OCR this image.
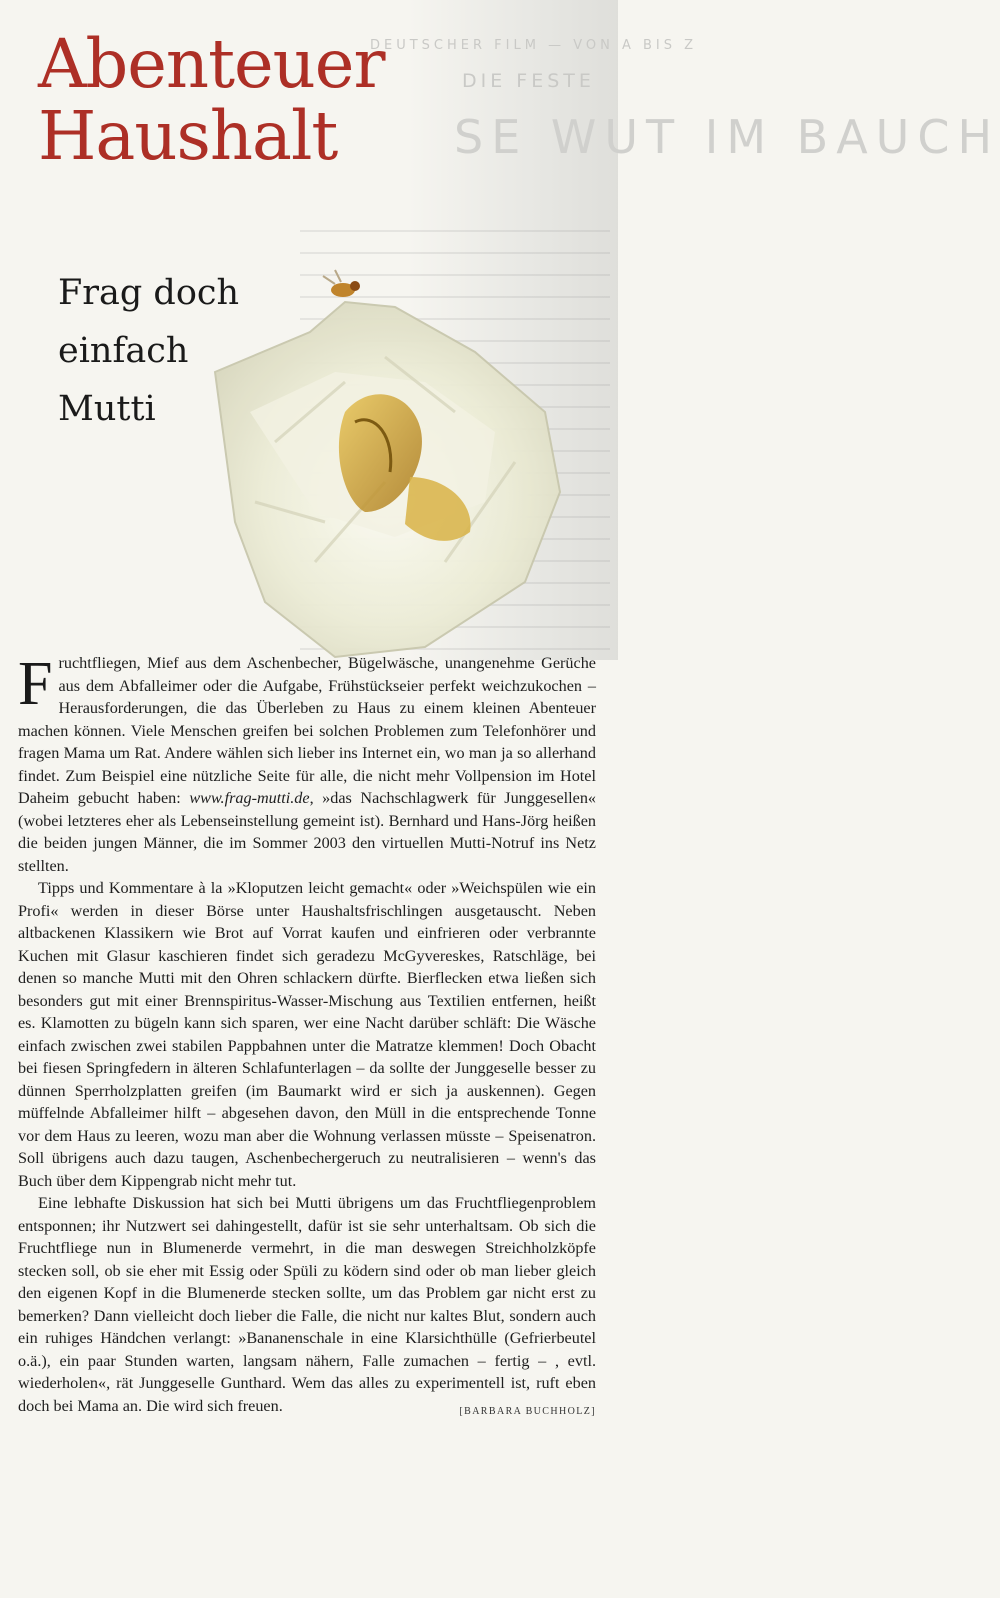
DEUTSCHER FILM — VON A BIS Z
DIE FESTE
SE WUT IM BAUCH
Abenteuer
Haushalt
Frag doch
einfach
Mutti

Fruchtfliegen, Mief aus dem Aschenbecher, Bügelwäsche, unangenehme Gerüche aus dem Abfalleimer oder die Aufgabe, Frühstückseier perfekt weichzukochen – Herausforderungen, die das Überleben zu Haus zu einem kleinen Abenteuer machen können. Viele Menschen greifen bei solchen Problemen zum Telefonhörer und fragen Mama um Rat. Andere wählen sich lieber ins Internet ein, wo man ja so allerhand findet. Zum Beispiel eine nützliche Seite für alle, die nicht mehr Vollpension im Hotel Daheim gebucht haben: www.frag-mutti.de, »das Nachschlagwerk für Junggesellen« (wobei letzteres eher als Lebenseinstellung gemeint ist). Bernhard und Hans-Jörg heißen die beiden jungen Männer, die im Sommer 2003 den virtuellen Mutti-Notruf ins Netz stellten.

Tipps und Kommentare à la »Kloputzen leicht gemacht« oder »Weichspülen wie ein Profi« werden in dieser Börse unter Haushaltsfrischlingen ausgetauscht. Neben altbackenen Klassikern wie Brot auf Vorrat kaufen und einfrieren oder verbrannte Kuchen mit Glasur kaschieren findet sich geradezu McGyvereskes, Ratschläge, bei denen so manche Mutti mit den Ohren schlackern dürfte. Bierflecken etwa ließen sich besonders gut mit einer Brennspiritus-Wasser-Mischung aus Textilien entfernen, heißt es. Klamotten zu bügeln kann sich sparen, wer eine Nacht darüber schläft: Die Wäsche einfach zwischen zwei stabilen Pappbahnen unter die Matratze klemmen! Doch Obacht bei fiesen Springfedern in älteren Schlafunterlagen – da sollte der Junggeselle besser zu dünnen Sperrholzplatten greifen (im Baumarkt wird er sich ja auskennen). Gegen müffelnde Abfalleimer hilft – abgesehen davon, den Müll in die entsprechende Tonne vor dem Haus zu leeren, wozu man aber die Wohnung verlassen müsste – Speisenatron. Soll übrigens auch dazu taugen, Aschenbechergeruch zu neutralisieren – wenn's das Buch über dem Kippengrab nicht mehr tut.

Eine lebhafte Diskussion hat sich bei Mutti übrigens um das Fruchtfliegenproblem entsponnen; ihr Nutzwert sei dahingestellt, dafür ist sie sehr unterhaltsam. Ob sich die Fruchtfliege nun in Blumenerde vermehrt, in die man deswegen Streichholzköpfe stecken soll, ob sie eher mit Essig oder Spüli zu ködern sind oder ob man lieber gleich den eigenen Kopf in die Blumenerde stecken sollte, um das Problem gar nicht erst zu bemerken? Dann vielleicht doch lieber die Falle, die nicht nur kaltes Blut, sondern auch ein ruhiges Händchen verlangt: »Bananenschale in eine Klarsichthülle (Gefrierbeutel o.ä.), ein paar Stunden warten, langsam nähern, Falle zumachen – fertig – , evtl. wiederholen«, rät Junggeselle Gunthard. Wem das alles zu experimentell ist, ruft eben doch bei Mama an. Die wird sich freuen.	[BARBARA BUCHHOLZ]
